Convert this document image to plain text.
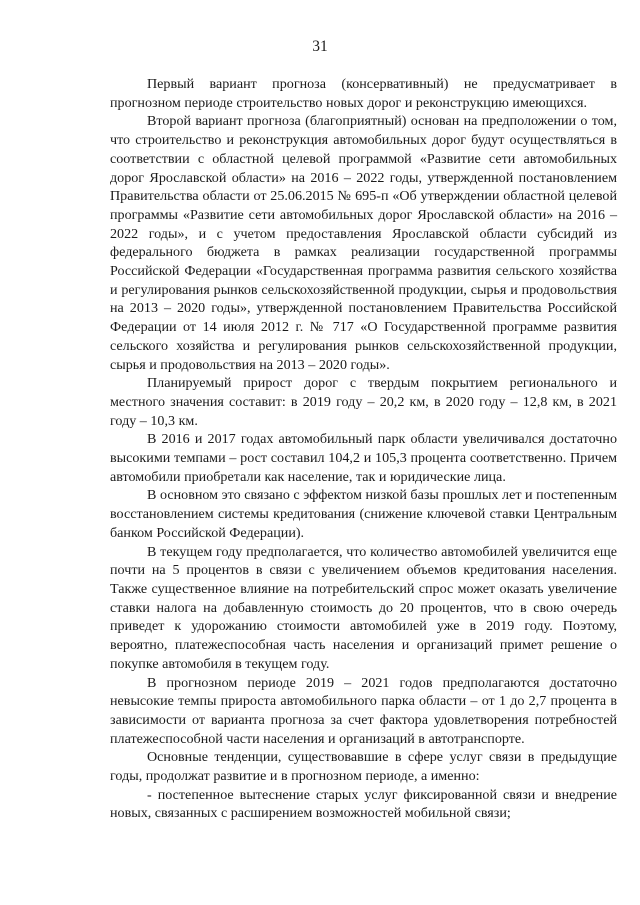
31

Первый вариант прогноза (консервативный) не предусматривает в прогнозном периоде строительство новых дорог и реконструкцию имеющихся.

Второй вариант прогноза (благоприятный) основан на предположении о том, что строительство и реконструкция автомобильных дорог будут осуществляться в соответствии с областной целевой программой «Развитие сети автомобильных дорог Ярославской области» на 2016 – 2022 годы, утвержденной постановлением Правительства области от 25.06.2015 № 695-п «Об утверждении областной целевой программы «Развитие сети автомобильных дорог Ярославской области» на 2016 – 2022 годы», и с учетом предоставления Ярославской области субсидий из федерального бюджета в рамках реализации государственной программы Российской Федерации «Государственная программа развития сельского хозяйства и регулирования рынков сельскохозяйственной продукции, сырья и продовольствия на 2013 – 2020 годы», утвержденной постановлением Правительства Российской Федерации от 14 июля 2012 г. № 717 «О Государственной программе развития сельского хозяйства и регулирования рынков сельскохозяйственной продукции, сырья и продовольствия на 2013 – 2020 годы».

Планируемый прирост дорог с твердым покрытием регионального и местного значения составит: в 2019 году – 20,2 км, в 2020 году – 12,8 км, в 2021 году – 10,3 км.

В 2016 и 2017 годах автомобильный парк области увеличивался достаточно высокими темпами – рост составил 104,2 и 105,3 процента соответственно. Причем автомобили приобретали как население, так и юридические лица.

В основном это связано с эффектом низкой базы прошлых лет и постепенным восстановлением системы кредитования (снижение ключевой ставки Центральным банком Российской Федерации).

В текущем году предполагается, что количество автомобилей увеличится еще почти на 5 процентов в связи с увеличением объемов кредитования населения. Также существенное влияние на потребительский спрос может оказать увеличение ставки налога на добавленную стоимость до 20 процентов, что в свою очередь приведет к удорожанию стоимости автомобилей уже в 2019 году. Поэтому, вероятно, платежеспособная часть населения и организаций примет решение о покупке автомобиля в текущем году.

В прогнозном периоде 2019 – 2021 годов предполагаются достаточно невысокие темпы прироста автомобильного парка области – от 1 до 2,7 процента в зависимости от варианта прогноза за счет фактора удовлетворения потребностей платежеспособной части населения и организаций в автотранспорте.

Основные тенденции, существовавшие в сфере услуг связи в предыдущие годы, продолжат развитие и в прогнозном периоде, а именно:

- постепенное вытеснение старых услуг фиксированной связи и внедрение новых, связанных с расширением возможностей мобильной связи;
